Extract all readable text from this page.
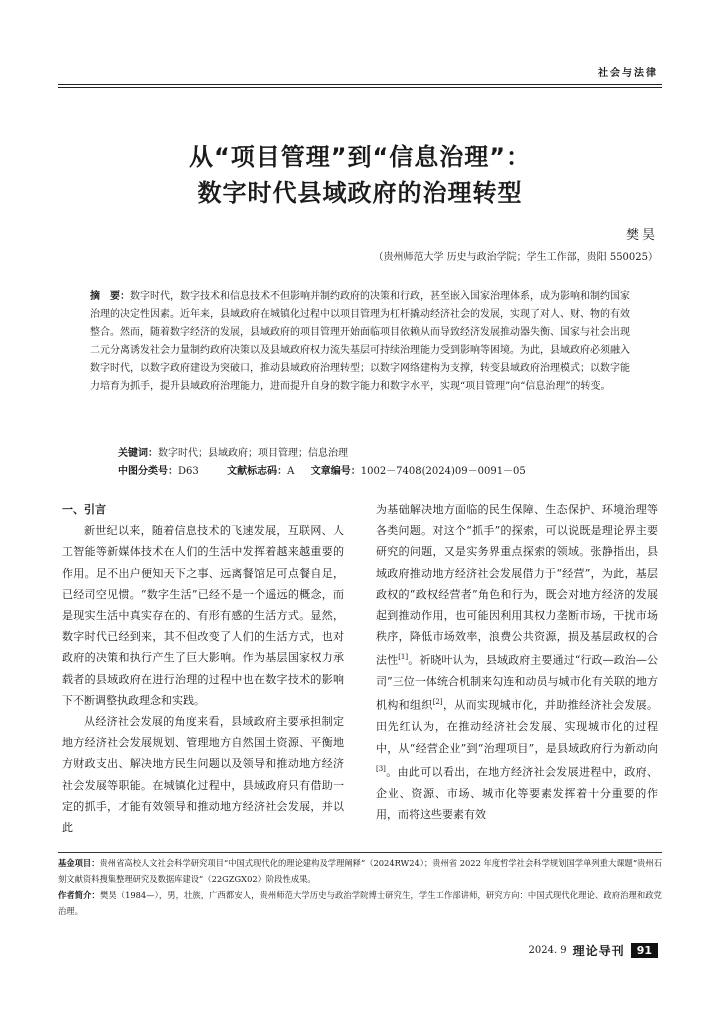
社会与法律
从“项目管理”到“信息治理”：
数字时代县域政府的治理转型
樊昊
（贵州师范大学 历史与政治学院；学生工作部，贵阳 550025）

摘　要：数字时代，数字技术和信息技术不但影响并制约政府的决策和行政，甚至嵌入国家治理体系，成为影响和制约国家治理的决定性因素。近年来，县域政府在城镇化过程中以项目管理为杠杆撬动经济社会的发展，实现了对人、财、物的有效整合。然而，随着数字经济的发展，县域政府的项目管理开始面临项目依赖从而导致经济发展推动器失衡、国家与社会出现二元分离诱发社会力量制约政府决策以及县域政府权力流失基层可持续治理能力受到影响等困境。为此，县域政府必须融入数字时代，以数字政府建设为突破口，推动县域政府治理转型；以数字网络建构为支撑，转变县域政府治理模式；以数字能力培育为抓手，提升县域政府治理能力，进而提升自身的数字能力和数字水平，实现“项目管理”向“信息治理”的转变。

关键词：数字时代；县域政府；项目管理；信息治理
中图分类号：D63	文献标志码：A 文章编号：1002－7408(2024)09－0091－05

一、引言

新世纪以来，随着信息技术的飞速发展，互联网、人工智能等新媒体技术在人们的生活中发挥着越来越重要的作用。足不出户便知天下之事、远离餐馆足可点餐自足，已经司空见惯。“数字生活”已经不是一个遥远的概念，而是现实生活中真实存在的、有形有感的生活方式。显然，数字时代已经到来，其不但改变了人们的生活方式，也对政府的决策和执行产生了巨大影响。作为基层国家权力承载者的县域政府在进行治理的过程中也在数字技术的影响下不断调整执政理念和实践。

从经济社会发展的角度来看，县域政府主要承担制定地方经济社会发展规划、管理地方自然国土资源、平衡地方财政支出、解决地方民生问题以及领导和推动地方经济社会发展等职能。在城镇化过程中，县域政府只有借助一定的抓手，才能有效领导和推动地方经济社会发展，并以此

为基础解决地方面临的民生保障、生态保护、环境治理等各类问题。对这个“抓手”的探索，可以说既是理论界主要研究的问题，又是实务界重点探索的领域。张静指出，县域政府推动地方经济社会发展借力于“经营”，为此，基层政权的“政权经营者”角色和行为，既会对地方经济的发展起到推动作用，也可能因利用其权力垄断市场，干扰市场秩序，降低市场效率，浪费公共资源，损及基层政权的合法性[1]。祈晓叶认为，县域政府主要通过“行政—政治—公司”三位一体统合机制来勾连和动员与城市化有关联的地方机构和组织[2]，从而实现城市化，并助推经济社会发展。田先红认为，在推动经济社会发展、实现城市化的过程中，从“经营企业”到“治理项目”，是县域政府行为新动向[3]。由此可以看出，在地方经济社会发展进程中，政府、企业、资源、市场、城市化等要素发挥着十分重要的作用，而将这些要素有效

基金项目：贵州省高校人文社会科学研究项目“中国式现代化的理论建构及学理阐释”（2024RW24）；贵州省 2022 年度哲学社会科学规划国学单列重大课题“贵州石刻文献资料搜集整理研究及数据库建设”（22GZGX02）阶段性成果。

作者简介：樊昊（1984—），男，壮族，广西都安人，贵州师范大学历史与政治学院博士研究生，学生工作部讲师，研究方向：中国式现代化理论、政府治理和政党治理。

2024. 9 理论导刊	91
